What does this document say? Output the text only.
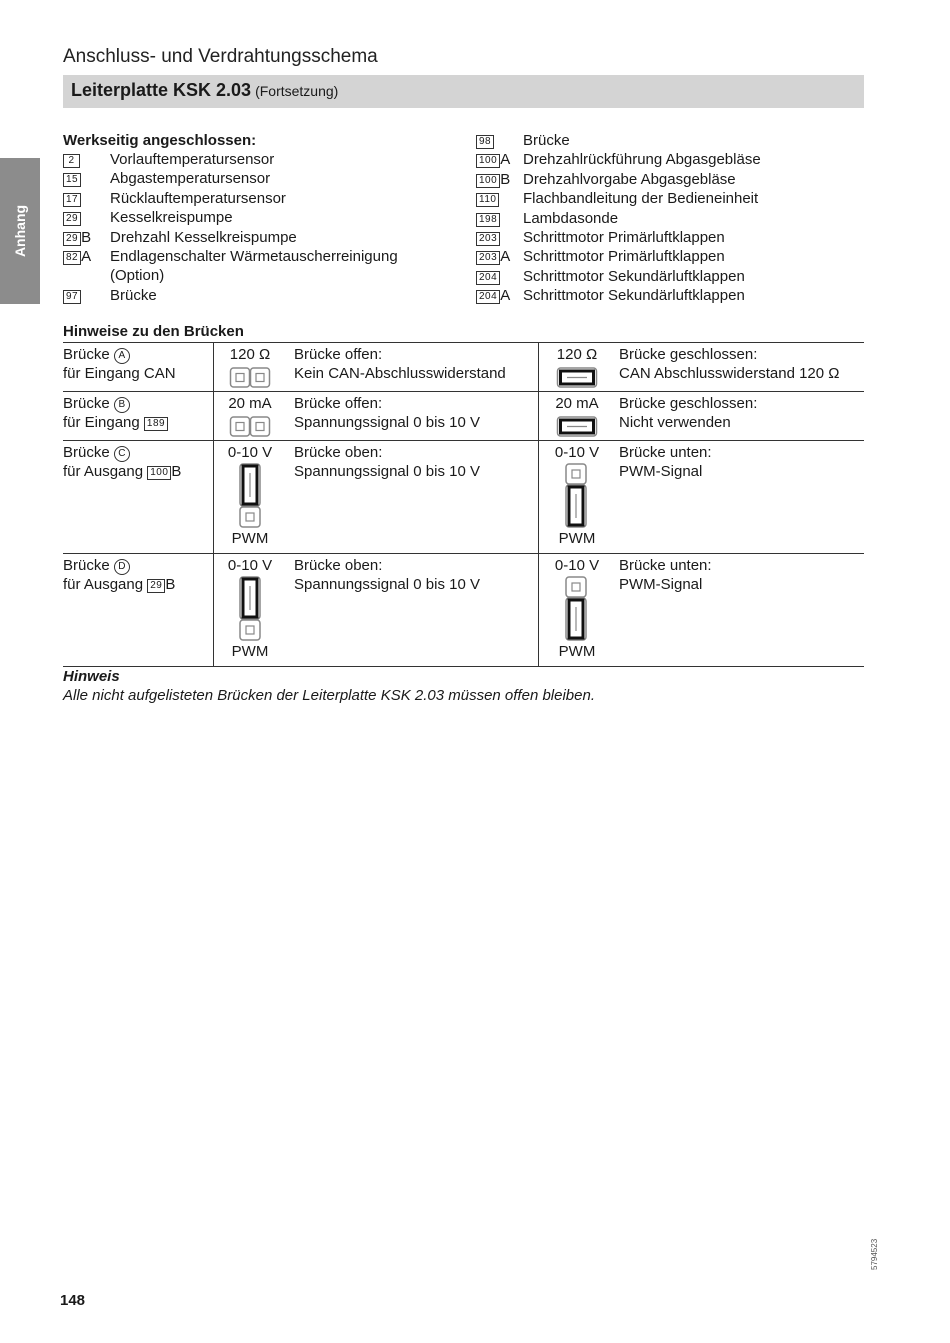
Anhang
Anschluss- und Verdrahtungsschema
Leiterplatte KSK 2.03 (Fortsetzung)
Werkseitig angeschlossen:
2	Vorlauftemperatursensor
15	Abgastemperatursensor
17	Rücklauftemperatursensor
29	Kesselkreispumpe
29 B	Drehzahl Kesselkreispumpe
82 A	Endlagenschalter Wärmetauscherreinigung
(Option)
97	Brücke
98	Brücke
100 A Drehzahlrückführung Abgasgebläse
100 B Drehzahlvorgabe Abgasgebläse
110	Flachbandleitung der Bedieneinheit
198	Lambdasonde
203	Schrittmotor Primärluftklappen
203 A Schrittmotor Primärluftklappen
204	Schrittmotor Sekundärluftklappen
204 A Schrittmotor Sekundärluftklappen
Hinweise zu den Brücken
Brücke A
für Eingang CAN
120 Ω	Brücke offen:
Kein CAN-Abschlusswiderstand
120 Ω	Brücke geschlossen:
CAN Abschlusswiderstand 120 Ω
Brücke B
für Eingang 189
20 mA	Brücke offen:
Spannungssignal 0 bis 10 V
20 mA	Brücke geschlossen:
Nicht verwenden
Brücke C
für Ausgang 100 B
0-10 V	Brücke oben:
Spannungssignal 0 bis 10 V
PWM
0-10 V	Brücke unten:
PWM-Signal
PWM
Brücke D
für Ausgang 29 B
0-10 V	Brücke oben:
Spannungssignal 0 bis 10 V
PWM
0-10 V	Brücke unten:
PWM-Signal
PWM
Hinweis
Alle nicht aufgelisteten Brücken der Leiterplatte KSK 2.03 müssen offen bleiben.
148
5794523
